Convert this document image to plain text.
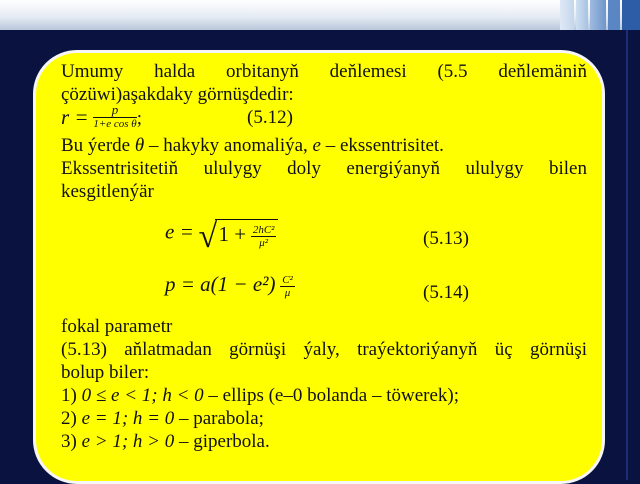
Umumy halda orbitanyň deňlemesi (5.5 deňlemäniň
çözüwi)aşakdaky görnüşdedir:
$r = \frac{p}{\text{1+e cos θ}}$ ;	(5.12)
Bu ýerde θ – hakyky anomaliýa, e – ekssentrisitet.
Ekssentrisitetiň ululygy doly energiýanyň ululygy bilen
kesgitlenýär
e = √ $1 + \frac{\text{2hC²}}{\text{μ²}}$	(5.13)
$p = a(1 - e^2) \frac{\text{C²}}{\mu}$	(5.14)
fokal parametr
(5.13) aňlatmadan görnüşi ýaly, traýektoriýanyň üç görnüşi
bolup biler:
1) 0 ≤ e < 1; h < 0 – ellips (e–0 bolanda – töwerek);
2) e = 1; h = 0 – parabola;
3) e > 1; h > 0 – giperbola.
